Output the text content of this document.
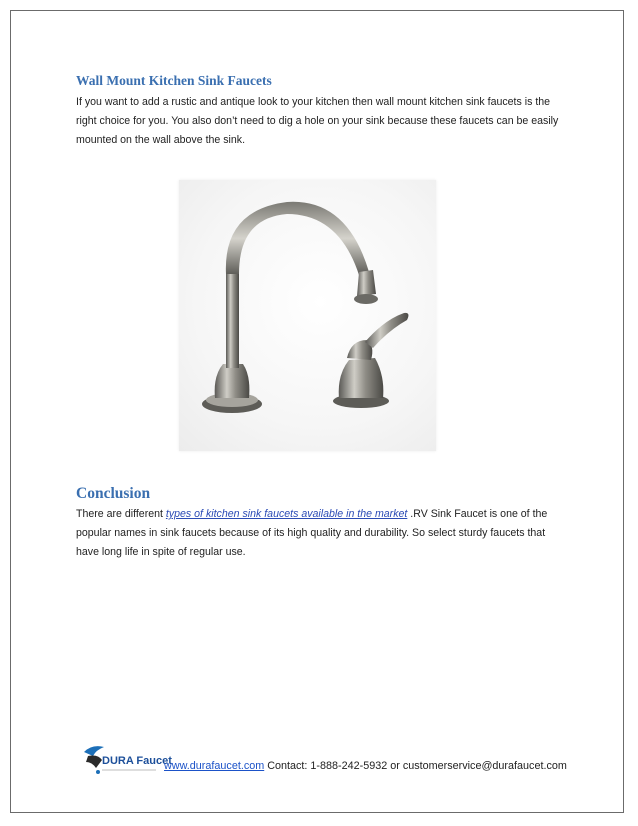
Wall Mount Kitchen Sink Faucets

If you want to add a rustic and antique look to your kitchen then wall mount kitchen sink faucets is the right choice for you. You also don’t need to dig a hole on your sink because these faucets can be easily mounted on the wall above the sink.

Conclusion

There are different types of kitchen sink faucets available in the market .RV Sink Faucet is one of the popular names in sink faucets because of its high quality and durability. So select sturdy faucets that have long life in spite of regular use.

DURA Faucet
www.durafaucet.com Contact: 1-888-242-5932 or customerservice@durafaucet.com
